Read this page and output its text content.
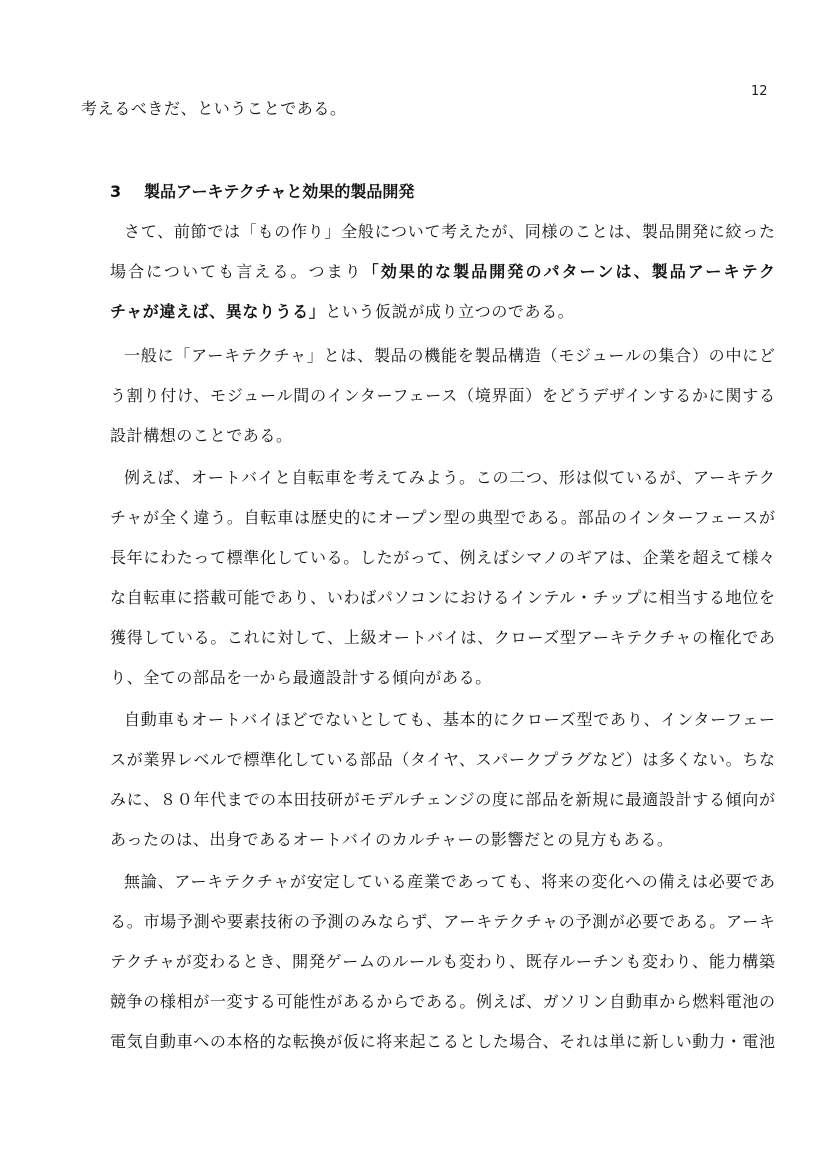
12
考えるべきだ、ということである。
3 製品アーキテクチャと効果的製品開発
さて、前節では「もの作り」全般について考えたが、同様のことは、製品開発に絞った
場合についても言える。つまり「効果的な製品開発のパターンは、製品アーキテク
チャが違えば、異なりうる」という仮説が成り立つのである。
一般に「アーキテクチャ」とは、製品の機能を製品構造（モジュールの集合）の中にど
う割り付け、モジュール間のインターフェース（境界面）をどうデザインするかに関する
設計構想のことである。
例えば、オートバイと自転車を考えてみよう。この二つ、形は似ているが、アーキテク
チャが全く違う。自転車は歴史的にオープン型の典型である。部品のインターフェースが
長年にわたって標準化している。したがって、例えばシマノのギアは、企業を超えて様々
な自転車に搭載可能であり、いわばパソコンにおけるインテル・チップに相当する地位を
獲得している。これに対して、上級オートバイは、クローズ型アーキテクチャの権化であ
り、全ての部品を一から最適設計する傾向がある。
自動車もオートバイほどでないとしても、基本的にクローズ型であり、インターフェー
スが業界レベルで標準化している部品（タイヤ、スパークプラグなど）は多くない。ちな
みに、８０年代までの本田技研がモデルチェンジの度に部品を新規に最適設計する傾向が
あったのは、出身であるオートバイのカルチャーの影響だとの見方もある。
無論、アーキテクチャが安定している産業であっても、将来の変化への備えは必要であ
る。市場予測や要素技術の予測のみならず、アーキテクチャの予測が必要である。アーキ
テクチャが変わるとき、開発ゲームのルールも変わり、既存ルーチンも変わり、能力構築
競争の様相が一変する可能性があるからである。例えば、ガソリン自動車から燃料電池の
電気自動車への本格的な転換が仮に将来起こるとした場合、それは単に新しい動力・電池
